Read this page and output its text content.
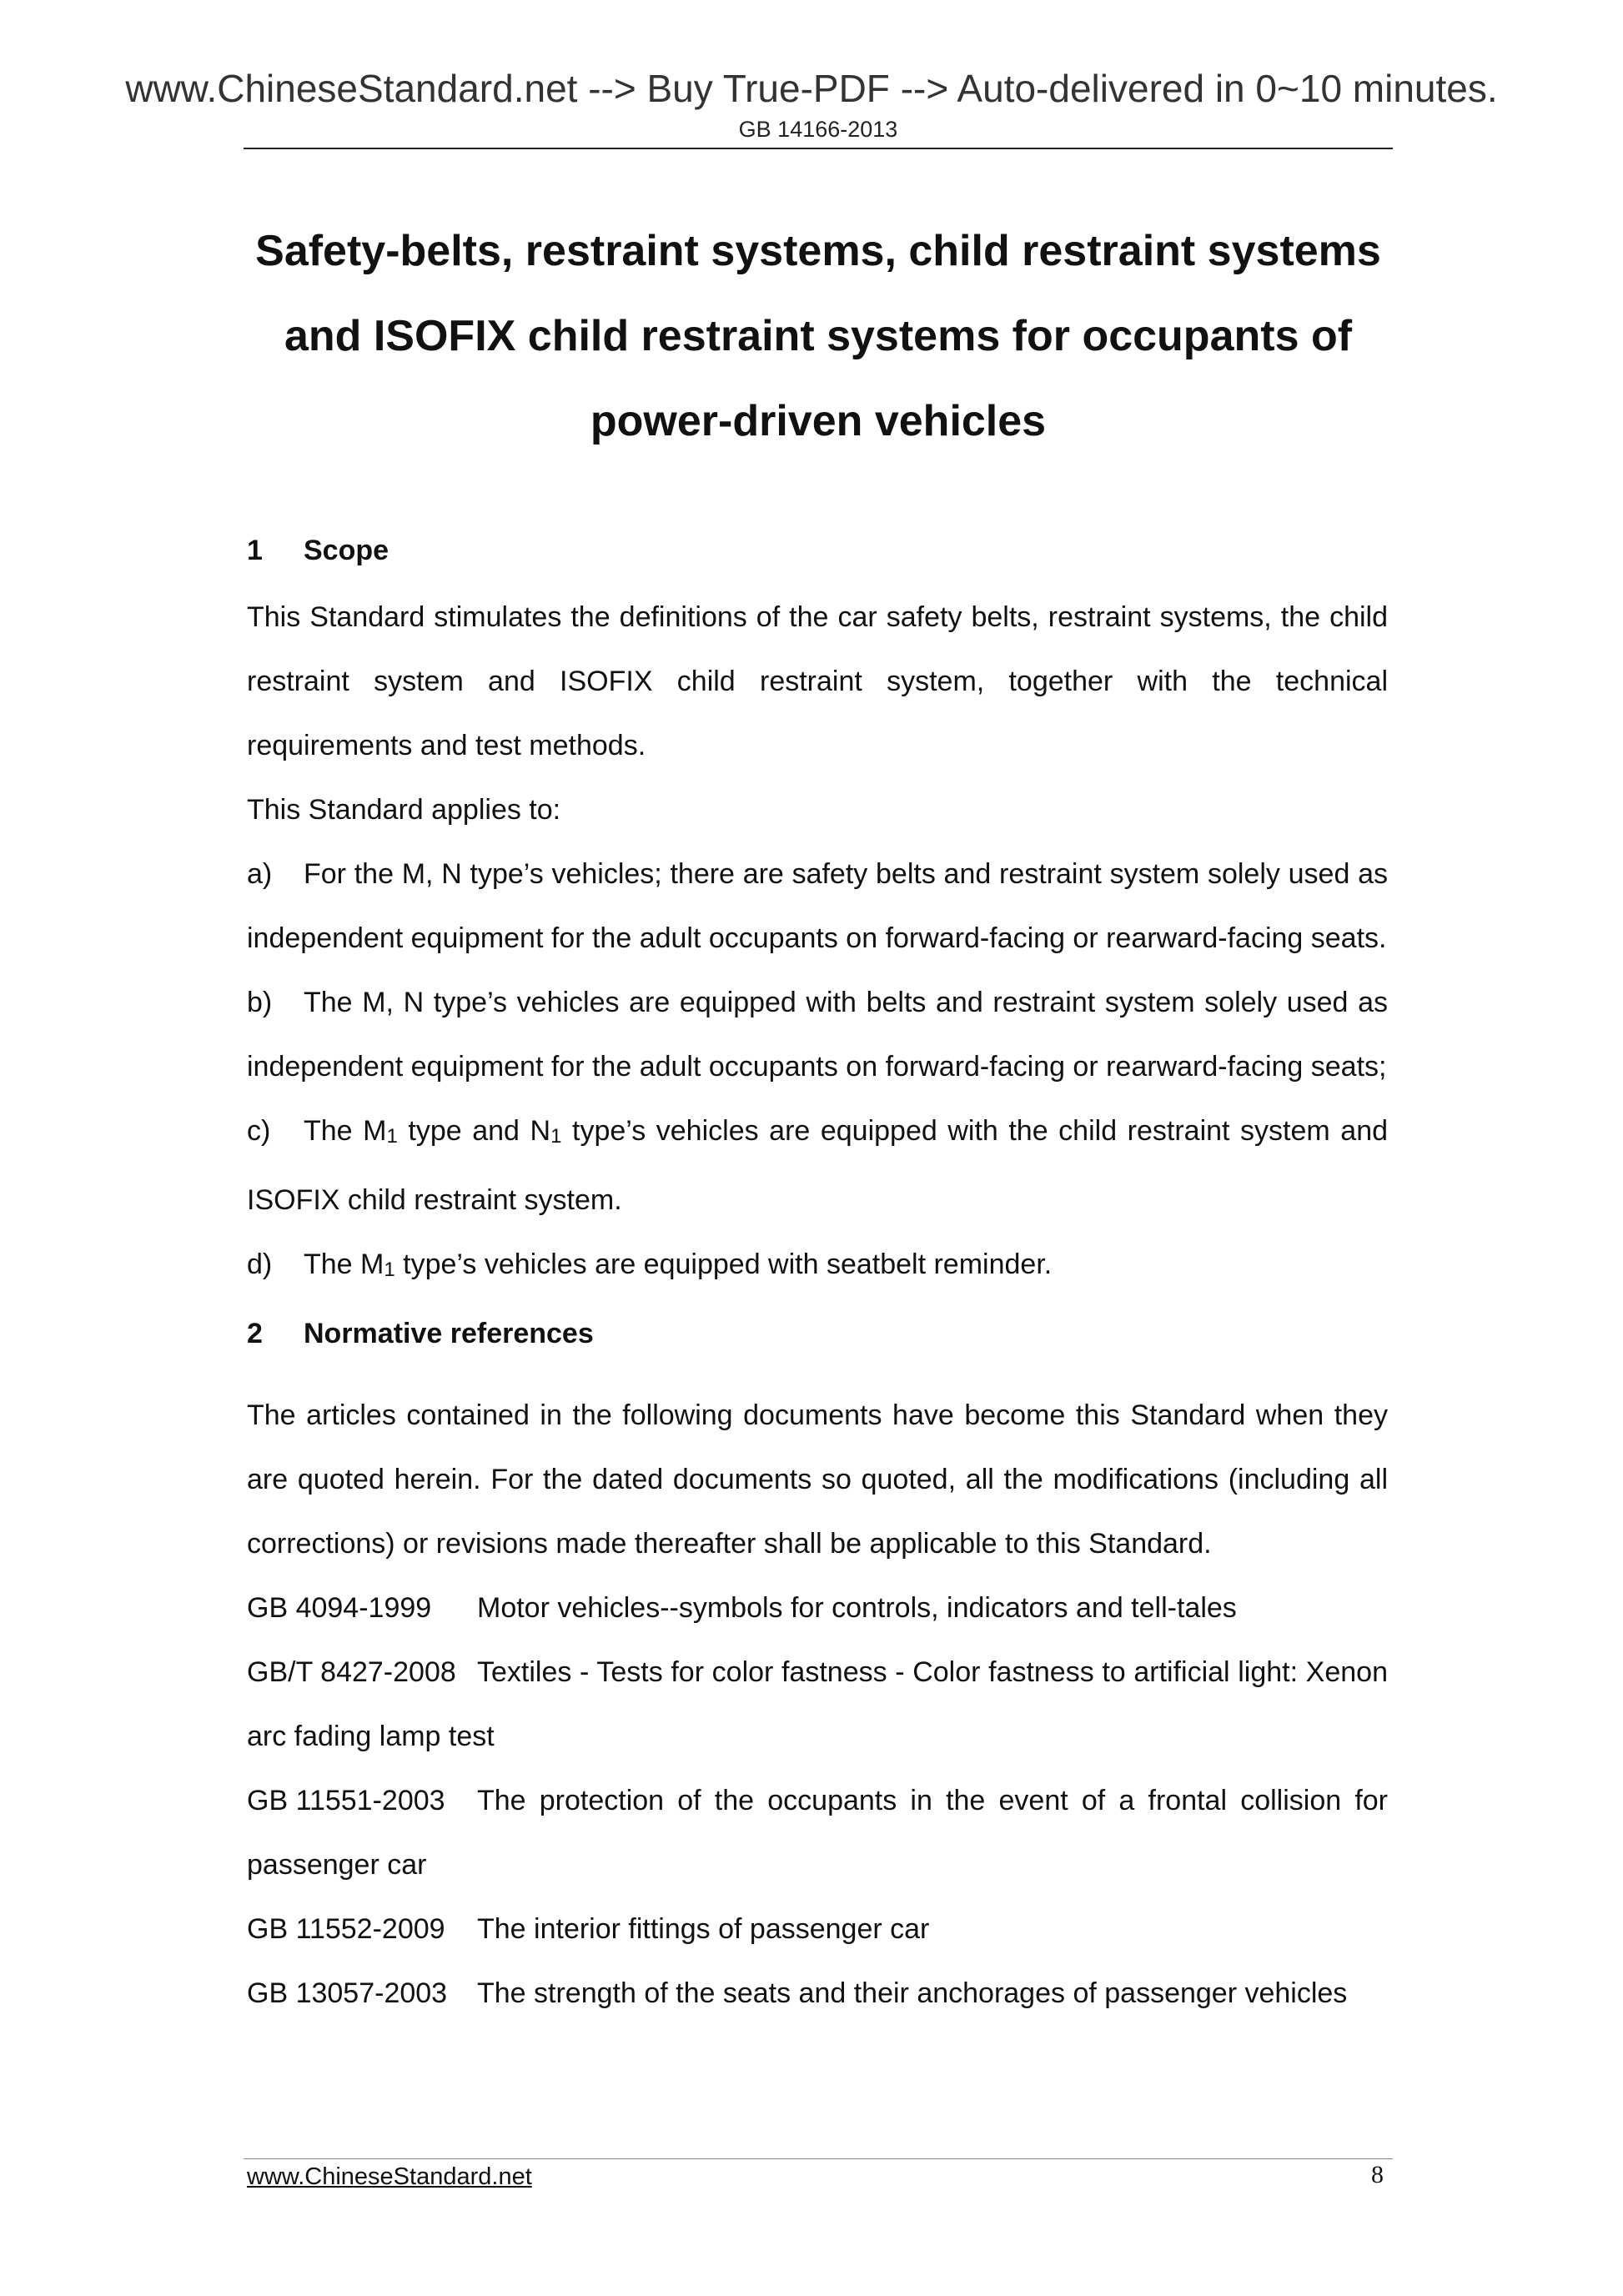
www.ChineseStandard.net --> Buy True-PDF --> Auto-delivered in 0~10 minutes.
GB 14166-2013
Safety-belts, restraint systems, child restraint systems
and ISOFIX child restraint systems for occupants of
power-driven vehicles
1	Scope

This Standard stimulates the definitions of the car safety belts, restraint systems, the child restraint system and ISOFIX child restraint system, together with the technical requirements and test methods.

This Standard applies to:

a) For the M, N type’s vehicles; there are safety belts and restraint system solely used as independent equipment for the adult occupants on forward-facing or rearward-facing seats.
b) The M, N type’s vehicles are equipped with belts and restraint system solely used as independent equipment for the adult occupants on forward-facing or rearward-facing seats;
c) The $M_1$ type and $N_1$ type’s vehicles are equipped with the child restraint system and ISOFIX child restraint system.
d) The $M_1$ type’s vehicles are equipped with seatbelt reminder.
2	Normative references

The articles contained in the following documents have become this Standard when they are quoted herein. For the dated documents so quoted, all the modifications (including all corrections) or revisions made thereafter shall be applicable to this Standard.

GB 4094-1999 Motor vehicles--symbols for controls, indicators and tell-tales

GB/T 8427-2008 Textiles - Tests for color fastness - Color fastness to artificial light: Xenon arc fading lamp test

GB 11551-2003 The protection of the occupants in the event of a frontal collision for passenger car

GB 11552-2009 The interior fittings of passenger car

GB 13057-2003 The strength of the seats and their anchorages of passenger vehicles

www.ChineseStandard.net	8
